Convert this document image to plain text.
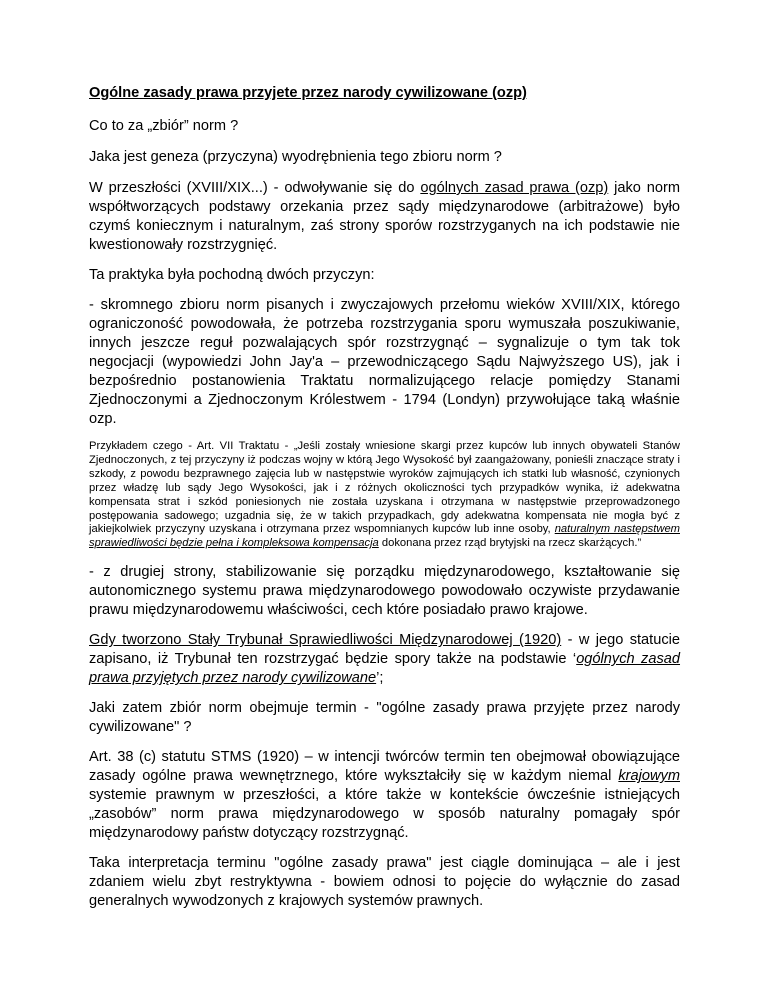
Ogólne zasady prawa przyjete przez narody cywilizowane (ozp)

Co to za „zbiór” norm ?

Jaka jest geneza (przyczyna) wyodrębnienia tego zbioru norm ?

W przeszłości (XVIII/XIX...) - odwoływanie się do ogólnych zasad prawa (ozp) jako norm współtworzących podstawy orzekania przez sądy międzynarodowe (arbitrażowe) było czymś koniecznym i naturalnym, zaś strony sporów rozstrzyganych na ich podstawie nie kwestionowały rozstrzygnięć.

Ta praktyka była pochodną dwóch przyczyn:

- skromnego zbioru norm pisanych i zwyczajowych przełomu wieków XVIII/XIX, którego ograniczoność powodowała, że potrzeba rozstrzygania sporu wymuszała poszukiwanie, innych jeszcze reguł pozwalających spór rozstrzygnąć – sygnalizuje o tym tak tok negocjacji (wypowiedzi John Jay'a – przewodniczącego Sądu Najwyższego US), jak i bezpośrednio postanowienia Traktatu normalizującego relacje pomiędzy Stanami Zjednoczonymi a Zjednoczonym Królestwem - 1794 (Londyn) przywołujące taką właśnie ozp.

Przykładem czego - Art. VII Traktatu - „Jeśli zostały wniesione skargi przez kupców lub innych obywateli Stanów Zjednoczonych, z tej przyczyny iż podczas wojny w którą Jego Wysokość był zaangażowany, ponieśli znaczące straty i szkody, z powodu bezprawnego zajęcia lub w następstwie wyroków zajmujących ich statki lub własność, czynionych przez władzę lub sądy Jego Wysokości, jak i z różnych okoliczności tych przypadków wynika, iż adekwatna kompensata strat i szkód poniesionych nie została uzyskana i otrzymana w następstwie przeprowadzonego postępowania sadowego; uzgadnia się, że w takich przypadkach, gdy adekwatna kompensata nie mogła być z jakiejkolwiek przyczyny uzyskana i otrzymana przez wspomnianych kupców lub inne osoby, naturalnym następstwem sprawiedliwości będzie pełna i kompleksowa kompensacja dokonana przez rząd brytyjski na rzecz skarżących.”

- z drugiej strony, stabilizowanie się porządku międzynarodowego, kształtowanie się autonomicznego systemu prawa międzynarodowego powodowało oczywiste przydawanie prawu międzynarodowemu właściwości, cech które posiadało prawo krajowe.

Gdy tworzono Stały Trybunał Sprawiedliwości Międzynarodowej (1920) - w jego statucie zapisano, iż Trybunał ten rozstrzygać będzie spory także na podstawie ‘ogólnych zasad prawa przyjętych przez narody cywilizowane’;

Jaki zatem zbiór norm obejmuje termin - "ogólne zasady prawa przyjęte przez narody cywilizowane" ?

Art. 38 (c) statutu STMS (1920) – w intencji twórców termin ten obejmował obowiązujące zasady ogólne prawa wewnętrznego, które wykształciły się w każdym niemal krajowym systemie prawnym w przeszłości, a które także w kontekście ówcześnie istniejących „zasobów” norm prawa międzynarodowego w sposób naturalny pomagały spór międzynarodowy państw dotyczący rozstrzygnąć.

Taka interpretacja terminu "ogólne zasady prawa" jest ciągle dominująca – ale i jest zdaniem wielu zbyt restryktywna - bowiem odnosi to pojęcie do wyłącznie do zasad generalnych wywodzonych z krajowych systemów prawnych.
